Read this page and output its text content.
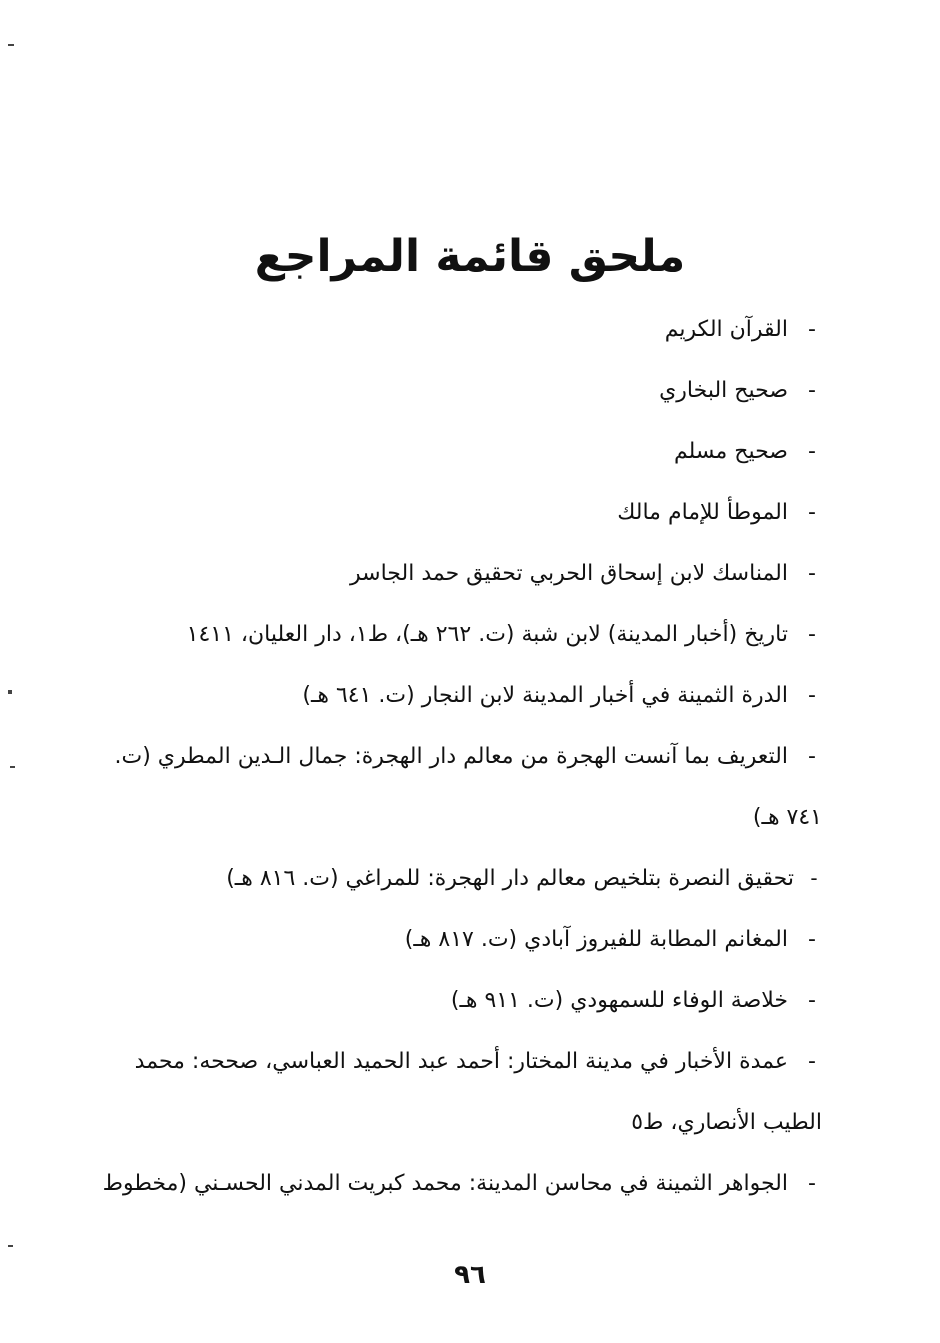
ملحق قائمة المراجع
-
القرآن الكريم
-
صحيح البخاري
-
صحيح مسلم
-
الموطأ للإمام مالك
-
المناسك لابن إسحاق الحربي تحقيق حمد الجاسر
-
تاريخ (أخبار المدينة) لابن شبة (ت. ٢٦٢ هـ)، ط١، دار العليان، ١٤١١
-
الدرة الثمينة في أخبار المدينة لابن النجار (ت. ٦٤١ هـ)
-
التعريف بما آنست الهجرة من معالم دار الهجرة: جمال الـدين المطري (ت.
٧٤١ هـ)
-
تحقيق النصرة بتلخيص معالم دار الهجرة: للمراغي (ت. ٨١٦ هـ)
-
المغانم المطابة للفيروز آبادي (ت. ٨١٧ هـ)
-
خلاصة الوفاء للسمهودي (ت. ٩١١ هـ)
-
عمدة الأخبار في مدينة المختار: أحمد عبد الحميد العباسي، صححه: محمد
الطيب الأنصاري، ط٥
-
الجواهر الثمينة في محاسن المدينة: محمد كبريت المدني الحسـني (مخطوط
٩٦
